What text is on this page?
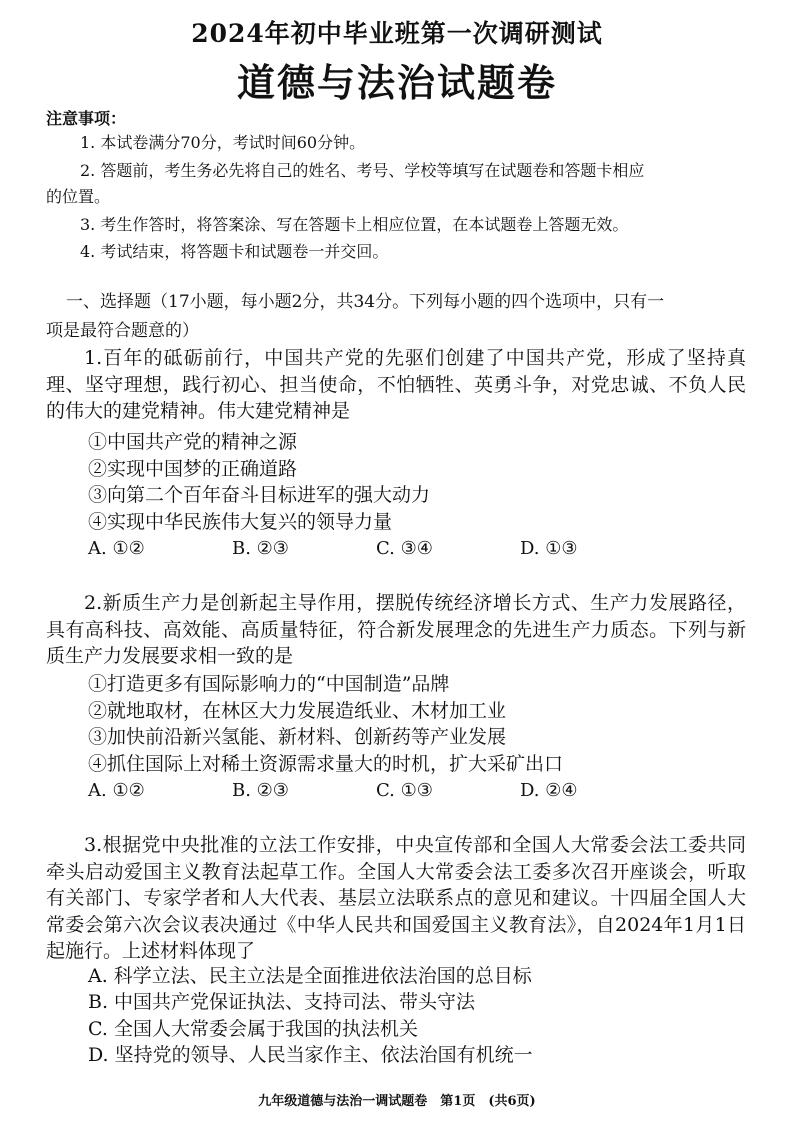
2024年初中毕业班第一次调研测试
道德与法治试题卷
注意事项：
1. 本试卷满分70分，考试时间60分钟。
2. 答题前，考生务必先将自己的姓名、考号、学校等填写在试题卷和答题卡相应
的位置。
3. 考生作答时，将答案涂、写在答题卡上相应位置，在本试题卷上答题无效。
4. 考试结束，将答题卡和试题卷一并交回。
一、选择题（17小题，每小题2分，共34分。下列每小题的四个选项中，只有一
项是最符合题意的）
1.百年的砥砺前行，中国共产党的先驱们创建了中国共产党，形成了坚持真理、坚守理想，践行初心、担当使命，不怕牺牲、英勇斗争，对党忠诚、不负人民的伟大的建党精神。伟大建党精神是
①中国共产党的精神之源
②实现中国梦的正确道路
③向第二个百年奋斗目标进军的强大动力
④实现中华民族伟大复兴的领导力量
A. ①②	B. ②③	C. ③④	D. ①③
2.新质生产力是创新起主导作用，摆脱传统经济增长方式、生产力发展路径，具有高科技、高效能、高质量特征，符合新发展理念的先进生产力质态。下列与新质生产力发展要求相一致的是
①打造更多有国际影响力的“中国制造”品牌
②就地取材，在林区大力发展造纸业、木材加工业
③加快前沿新兴氢能、新材料、创新药等产业发展
④抓住国际上对稀土资源需求量大的时机，扩大采矿出口
A. ①②	B. ②③	C. ①③	D. ②④
3.根据党中央批准的立法工作安排，中央宣传部和全国人大常委会法工委共同牵头启动爱国主义教育法起草工作。全国人大常委会法工委多次召开座谈会，听取有关部门、专家学者和人大代表、基层立法联系点的意见和建议。十四届全国人大常委会第六次会议表决通过《中华人民共和国爱国主义教育法》，自2024年1月1日起施行。上述材料体现了
A. 科学立法、民主立法是全面推进依法治国的总目标
B. 中国共产党保证执法、支持司法、带头守法
C. 全国人大常委会属于我国的执法机关
D. 坚持党的领导、人民当家作主、依法治国有机统一
九年级道德与法治一调试题卷　第1页　(共6页)
